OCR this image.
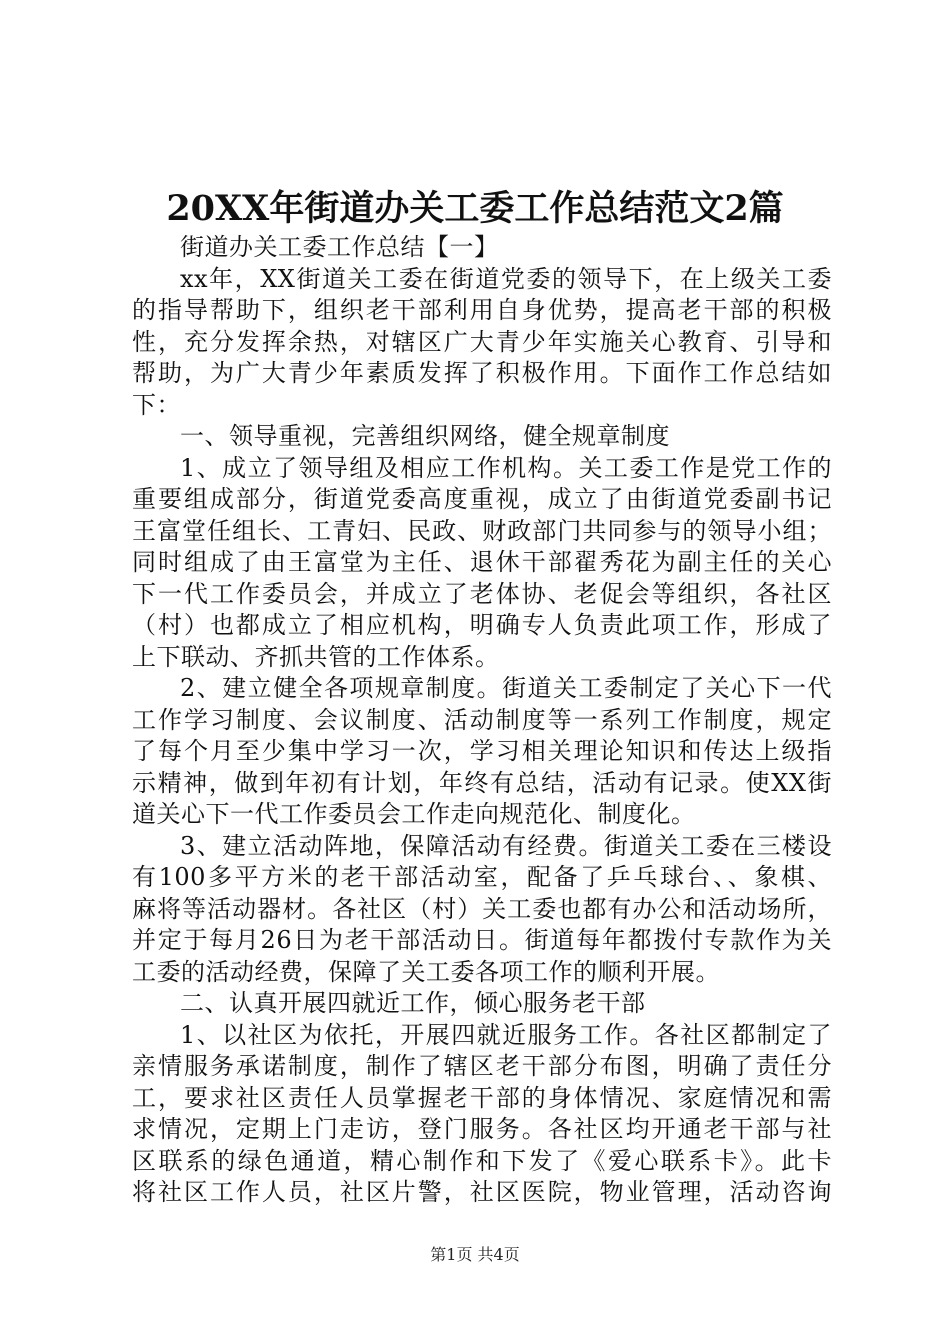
20XX年街道办关工委工作总结范文2篇
街道办关工委工作总结【一】
xx年，XX街道关工委在街道党委的领导下，在上级关工委
的指导帮助下，组织老干部利用自身优势，提高老干部的积极
性，充分发挥余热，对辖区广大青少年实施关心教育、引导和
帮助，为广大青少年素质发挥了积极作用。下面作工作总结如
下：
一、领导重视，完善组织网络，健全规章制度
1、成立了领导组及相应工作机构。关工委工作是党工作的
重要组成部分，街道党委高度重视，成立了由街道党委副书记
王富堂任组长、工青妇、民政、财政部门共同参与的领导小组；
同时组成了由王富堂为主任、退休干部翟秀花为副主任的关心
下一代工作委员会，并成立了老体协、老促会等组织，各社区
（村）也都成立了相应机构，明确专人负责此项工作，形成了
上下联动、齐抓共管的工作体系。
2、建立健全各项规章制度。街道关工委制定了关心下一代
工作学习制度、会议制度、活动制度等一系列工作制度，规定
了每个月至少集中学习一次，学习相关理论知识和传达上级指
示精神，做到年初有计划，年终有总结，活动有记录。使XX街
道关心下一代工作委员会工作走向规范化、制度化。
3、建立活动阵地，保障活动有经费。街道关工委在三楼设
有100多平方米的老干部活动室，配备了乒乓球台、、象棋、
麻将等活动器材。各社区（村）关工委也都有办公和活动场所，
并定于每月26日为老干部活动日。街道每年都拨付专款作为关
工委的活动经费，保障了关工委各项工作的顺利开展。
二、认真开展四就近工作，倾心服务老干部
1、以社区为依托，开展四就近服务工作。各社区都制定了
亲情服务承诺制度，制作了辖区老干部分布图，明确了责任分
工，要求社区责任人员掌握老干部的身体情况、家庭情况和需
求情况，定期上门走访，登门服务。各社区均开通老干部与社
区联系的绿色通道，精心制作和下发了《爱心联系卡》。此卡
将社区工作人员，社区片警，社区医院，物业管理，活动咨询
第1页 共4页
